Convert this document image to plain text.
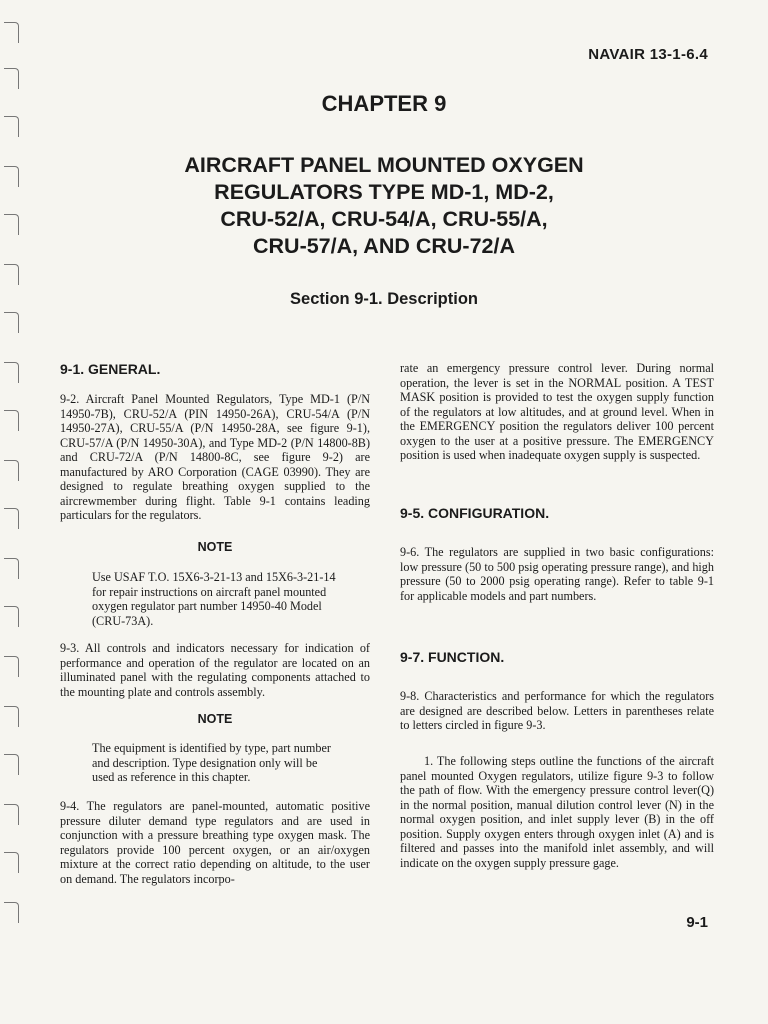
NAVAIR 13-1-6.4
CHAPTER 9
AIRCRAFT PANEL MOUNTED OXYGEN
REGULATORS TYPE MD-1, MD-2,
CRU-52/A, CRU-54/A, CRU-55/A,
CRU-57/A, AND CRU-72/A
Section 9-1. Description
9-1. GENERAL.
9-2. Aircraft Panel Mounted Regulators, Type MD-1 (P/N 14950-7B), CRU-52/A (PIN 14950-26A), CRU-54/A (P/N 14950-27A), CRU-55/A (P/N 14950-28A, see figure 9-1), CRU-57/A (P/N 14950-30A), and Type MD-2 (P/N 14800-8B) and CRU-72/A (P/N 14800-8C, see figure 9-2) are manufactured by ARO Corporation (CAGE 03990). They are designed to regulate breathing oxygen supplied to the aircrewmember during flight. Table 9-1 contains leading particulars for the regulators.
NOTE
Use USAF T.O. 15X6-3-21-13 and 15X6-3-21-14 for repair instructions on aircraft panel mounted oxygen regulator part number 14950-40 Model (CRU-73A).
9-3. All controls and indicators necessary for indication of performance and operation of the regulator are located on an illuminated panel with the regulating components attached to the mounting plate and controls assembly.
NOTE
The equipment is identified by type, part number and description. Type designation only will be used as reference in this chapter.
9-4. The regulators are panel-mounted, automatic positive pressure diluter demand type regulators and are used in conjunction with a pressure breathing type oxygen mask. The regulators provide 100 percent oxygen, or an air/oxygen mixture at the correct ratio depending on altitude, to the user on demand. The regulators incorpo-
rate an emergency pressure control lever. During normal operation, the lever is set in the NORMAL position. A TEST MASK position is provided to test the oxygen supply function of the regulators at low altitudes, and at ground level. When in the EMERGENCY position the regulators deliver 100 percent oxygen to the user at a positive pressure. The EMERGENCY position is used when inadequate oxygen supply is suspected.
9-5. CONFIGURATION.
9-6. The regulators are supplied in two basic configurations: low pressure (50 to 500 psig operating pressure range), and high pressure (50 to 2000 psig operating range). Refer to table 9-1 for applicable models and part numbers.
9-7. FUNCTION.
9-8. Characteristics and performance for which the regulators are designed are described below. Letters in parentheses relate to letters circled in figure 9-3.
1. The following steps outline the functions of the aircraft panel mounted Oxygen regulators, utilize figure 9-3 to follow the path of flow. With the emergency pressure control lever(Q) in the normal position, manual dilution control lever (N) in the normal oxygen position, and inlet supply lever (B) in the off position. Supply oxygen enters through oxygen inlet (A) and is filtered and passes into the manifold inlet assembly, and will indicate on the oxygen supply pressure gage.
9-1
